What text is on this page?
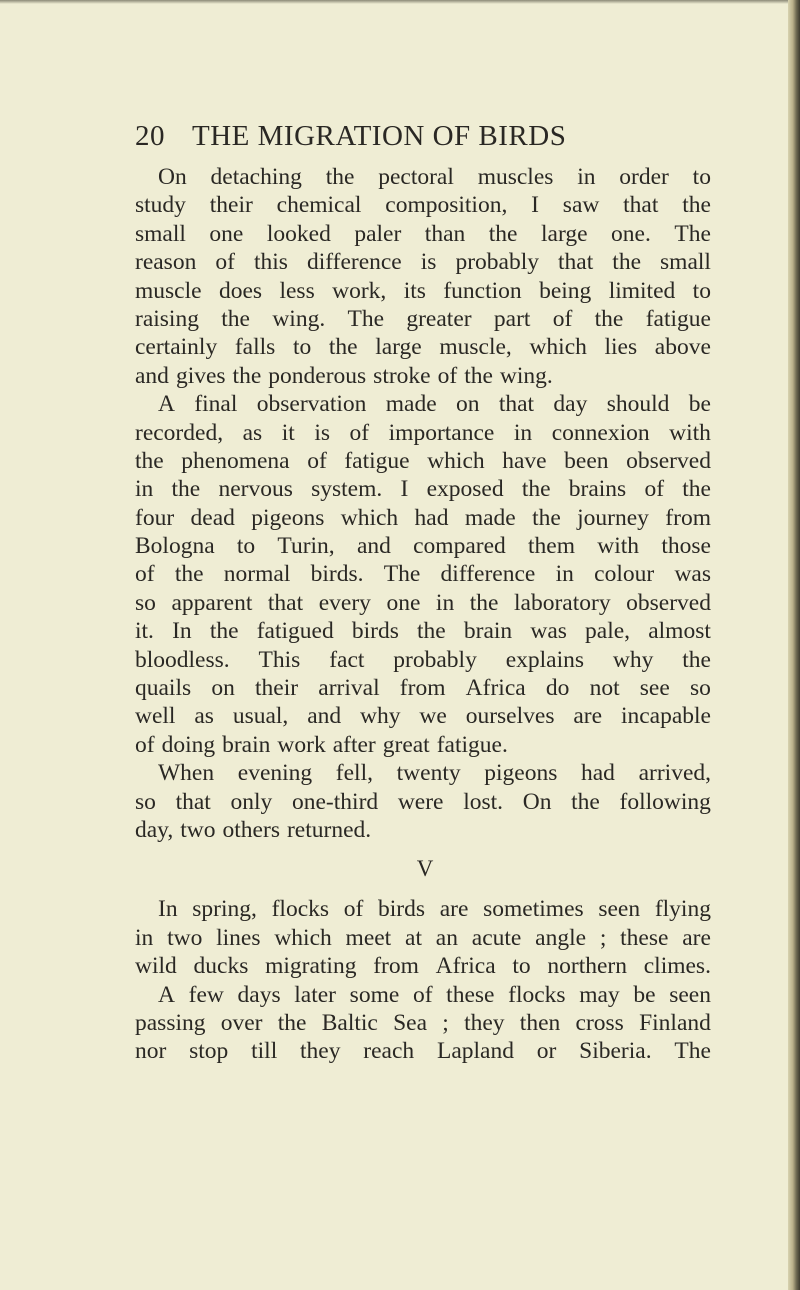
20 THE MIGRATION OF BIRDS
On detaching the pectoral muscles in order to
study their chemical composition, I saw that the
small one looked paler than the large one. The
reason of this difference is probably that the small
muscle does less work, its function being limited to
raising the wing. The greater part of the fatigue
certainly falls to the large muscle, which lies above
and gives the ponderous stroke of the wing.
A final observation made on that day should be
recorded, as it is of importance in connexion with
the phenomena of fatigue which have been observed
in the nervous system. I exposed the brains of the
four dead pigeons which had made the journey from
Bologna to Turin, and compared them with those
of the normal birds. The difference in colour was
so apparent that every one in the laboratory observed
it. In the fatigued birds the brain was pale, almost
bloodless. This fact probably explains why the
quails on their arrival from Africa do not see so
well as usual, and why we ourselves are incapable
of doing brain work after great fatigue.
When evening fell, twenty pigeons had arrived,
so that only one-third were lost. On the following
day, two others returned.
V
In spring, flocks of birds are sometimes seen flying
in two lines which meet at an acute angle ; these are
wild ducks migrating from Africa to northern climes.
A few days later some of these flocks may be seen
passing over the Baltic Sea ; they then cross Finland
nor stop till they reach Lapland or Siberia. The
